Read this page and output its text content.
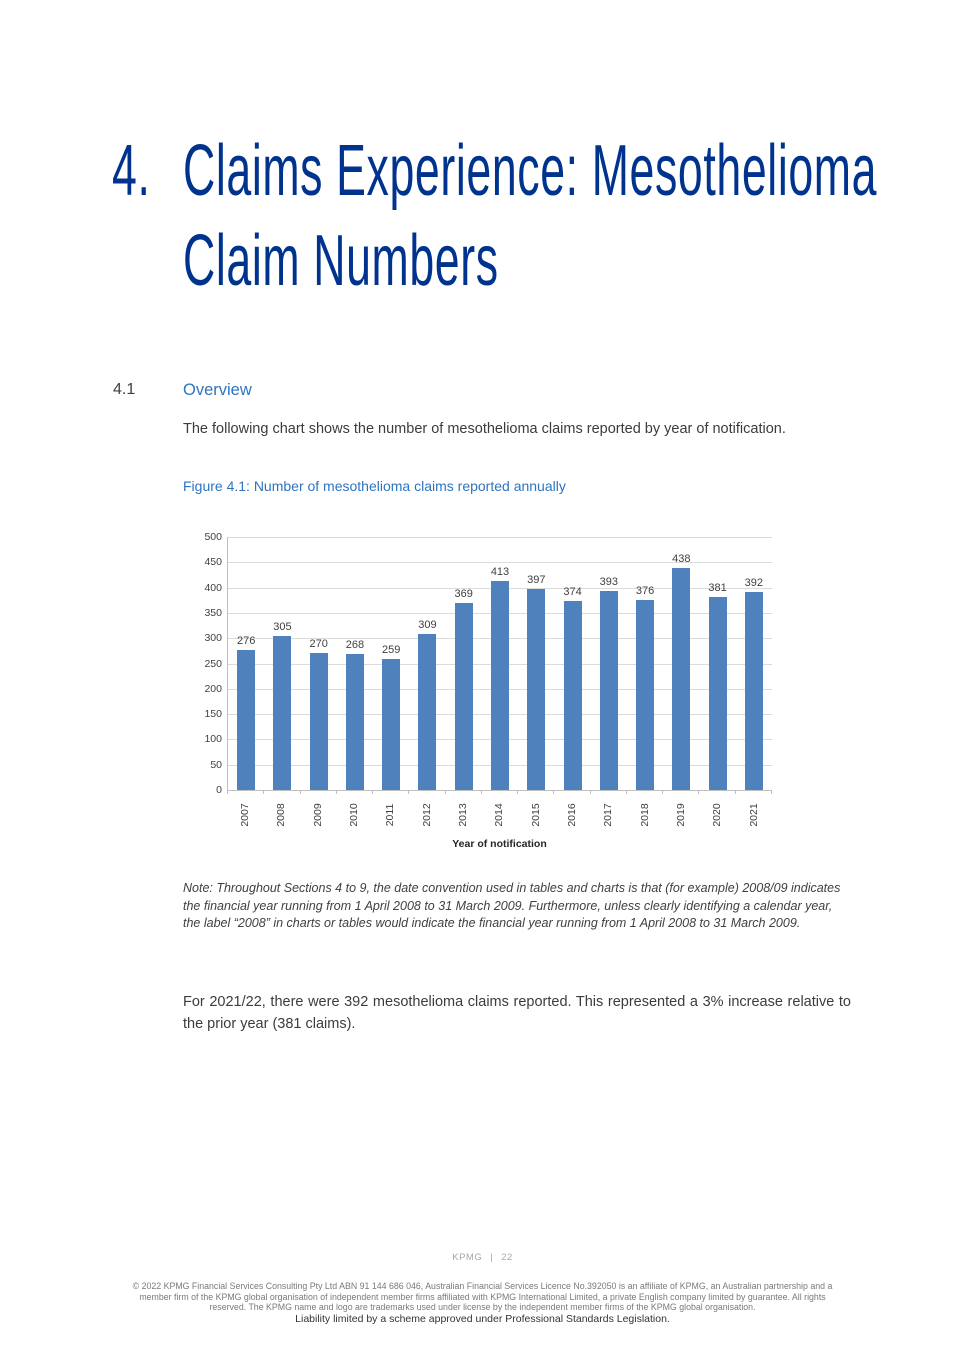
4. Claims Experience: Mesothelioma
Claim Numbers
4.1	Overview
The following chart shows the number of mesothelioma claims reported by year of notification.
Figure 4.1: Number of mesothelioma claims reported annually
0
50
100
150
200
250
300
350
400
450
500
276
305
270	268	259
309
369
413
397
374
393
376
438
381	392
2007 2008 2009 2010 2011 2012 2013 2014 2015 2016 2017 2018 2019 2020 2021
Year of notification
Note: Throughout Sections 4 to 9, the date convention used in tables and charts is that (for example) 2008/09 indicates the financial year running from 1 April 2008 to 31 March 2009. Furthermore, unless clearly identifying a calendar year, the label “2008” in charts or tables would indicate the financial year running from 1 April 2008 to 31 March 2009.
For 2021/22, there were 392 mesothelioma claims reported. This represented a 3% increase relative to the prior year (381 claims).
KPMG | 22
© 2022 KPMG Financial Services Consulting Pty Ltd ABN 91 144 686 046, Australian Financial Services Licence No.392050 is an affiliate of KPMG, an Australian partnership and a member firm of the KPMG global organisation of independent member firms affiliated with KPMG International Limited, a private English company limited by guarantee. All rights reserved. The KPMG name and logo are trademarks used under license by the independent member firms of the KPMG global organisation.
Liability limited by a scheme approved under Professional Standards Legislation.
